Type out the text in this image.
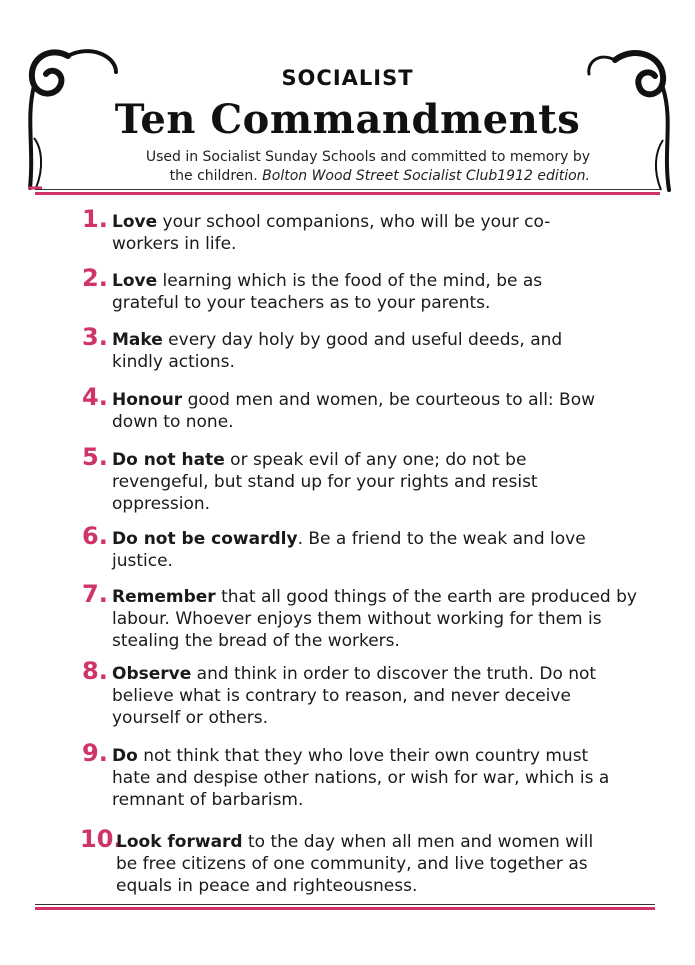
SOCIALIST
Ten Commandments
Used in Socialist Sunday Schools and committed to memory by
the children. Bolton Wood Street Socialist Club1912 edition.
1. Love your school companions, who will be your co-workers in life.
2. Love learning which is the food of the mind, be as grateful to your teachers as to your parents.
3. Make every day holy by good and useful deeds, and kindly actions.
4. Honour good men and women, be courteous to all: Bow down to none.
5. Do not hate or speak evil of any one; do not be revengeful, but stand up for your rights and resist oppression.
6. Do not be cowardly. Be a friend to the weak and love justice.
7. Remember that all good things of the earth are produced by labour. Whoever enjoys them without working for them is stealing the bread of the workers.
8. Observe and think in order to discover the truth. Do not believe what is contrary to reason, and never deceive yourself or others.
9. Do not think that they who love their own country must hate and despise other nations, or wish for war, which is a remnant of barbarism.
10.
Look forward to the day when all men and women will be free citizens of one community, and live together as equals in peace and righteousness.
